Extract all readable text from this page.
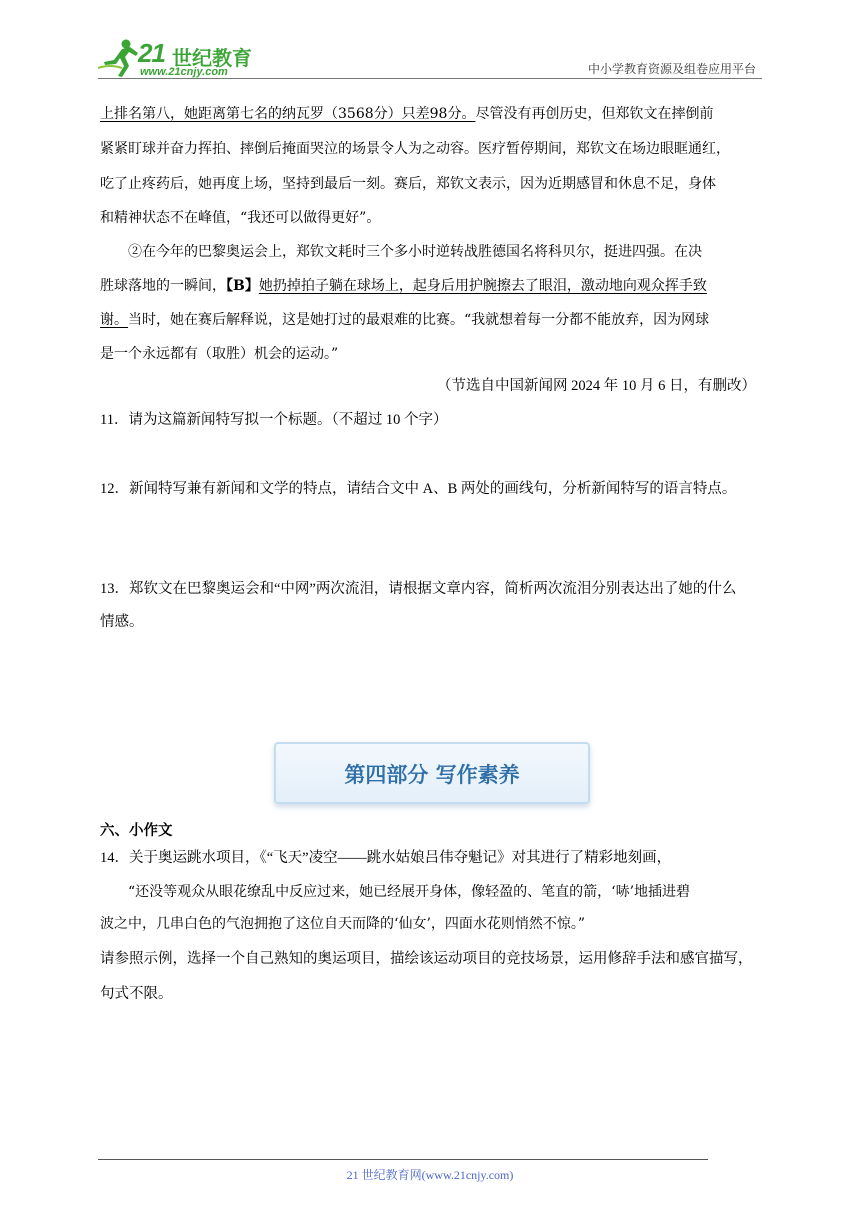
21 世纪教育
www.21cnjy.com	中小学教育资源及组卷应用平台
上排名第八，她距离第七名的纳瓦罗（3568分）只差98分。尽管没有再创历史，但郑钦文在摔倒前
紧紧盯球并奋力挥拍、摔倒后掩面哭泣的场景令人为之动容。医疗暂停期间，郑钦文在场边眼眶通红，
吃了止疼药后，她再度上场，坚持到最后一刻。赛后，郑钦文表示，因为近期感冒和休息不足，身体
和精神状态不在峰值，“我还可以做得更好”。
②在今年的巴黎奥运会上，郑钦文耗时三个多小时逆转战胜德国名将科贝尔，挺进四强。在决
胜球落地的一瞬间，【B】她扔掉拍子躺在球场上，起身后用护腕擦去了眼泪，激动地向观众挥手致
谢。当时，她在赛后解释说，这是她打过的最艰难的比赛。“我就想着每一分都不能放弃，因为网球
是一个永远都有（取胜）机会的运动。”
（节选自中国新闻网 2024 年 10 月 6 日，有删改）
11．请为这篇新闻特写拟一个标题。（不超过 10 个字）
12．新闻特写兼有新闻和文学的特点，请结合文中 A、B 两处的画线句，分析新闻特写的语言特点。
13．郑钦文在巴黎奥运会和“中网”两次流泪，请根据文章内容，简析两次流泪分别表达出了她的什么
情感。
第四部分 写作素养
六、小作文
14．关于奥运跳水项目，《“飞天”凌空——跳水姑娘吕伟夺魁记》对其进行了精彩地刻画，
“还没等观众从眼花缭乱中反应过来，她已经展开身体，像轻盈的、笔直的箭，‘哧’地插进碧
波之中，几串白色的气泡拥抱了这位自天而降的‘仙女’，四面水花则悄然不惊。”
请参照示例，选择一个自己熟知的奥运项目，描绘该运动项目的竞技场景，运用修辞手法和感官描写，
句式不限。
21 世纪教育网(www.21cnjy.com)
